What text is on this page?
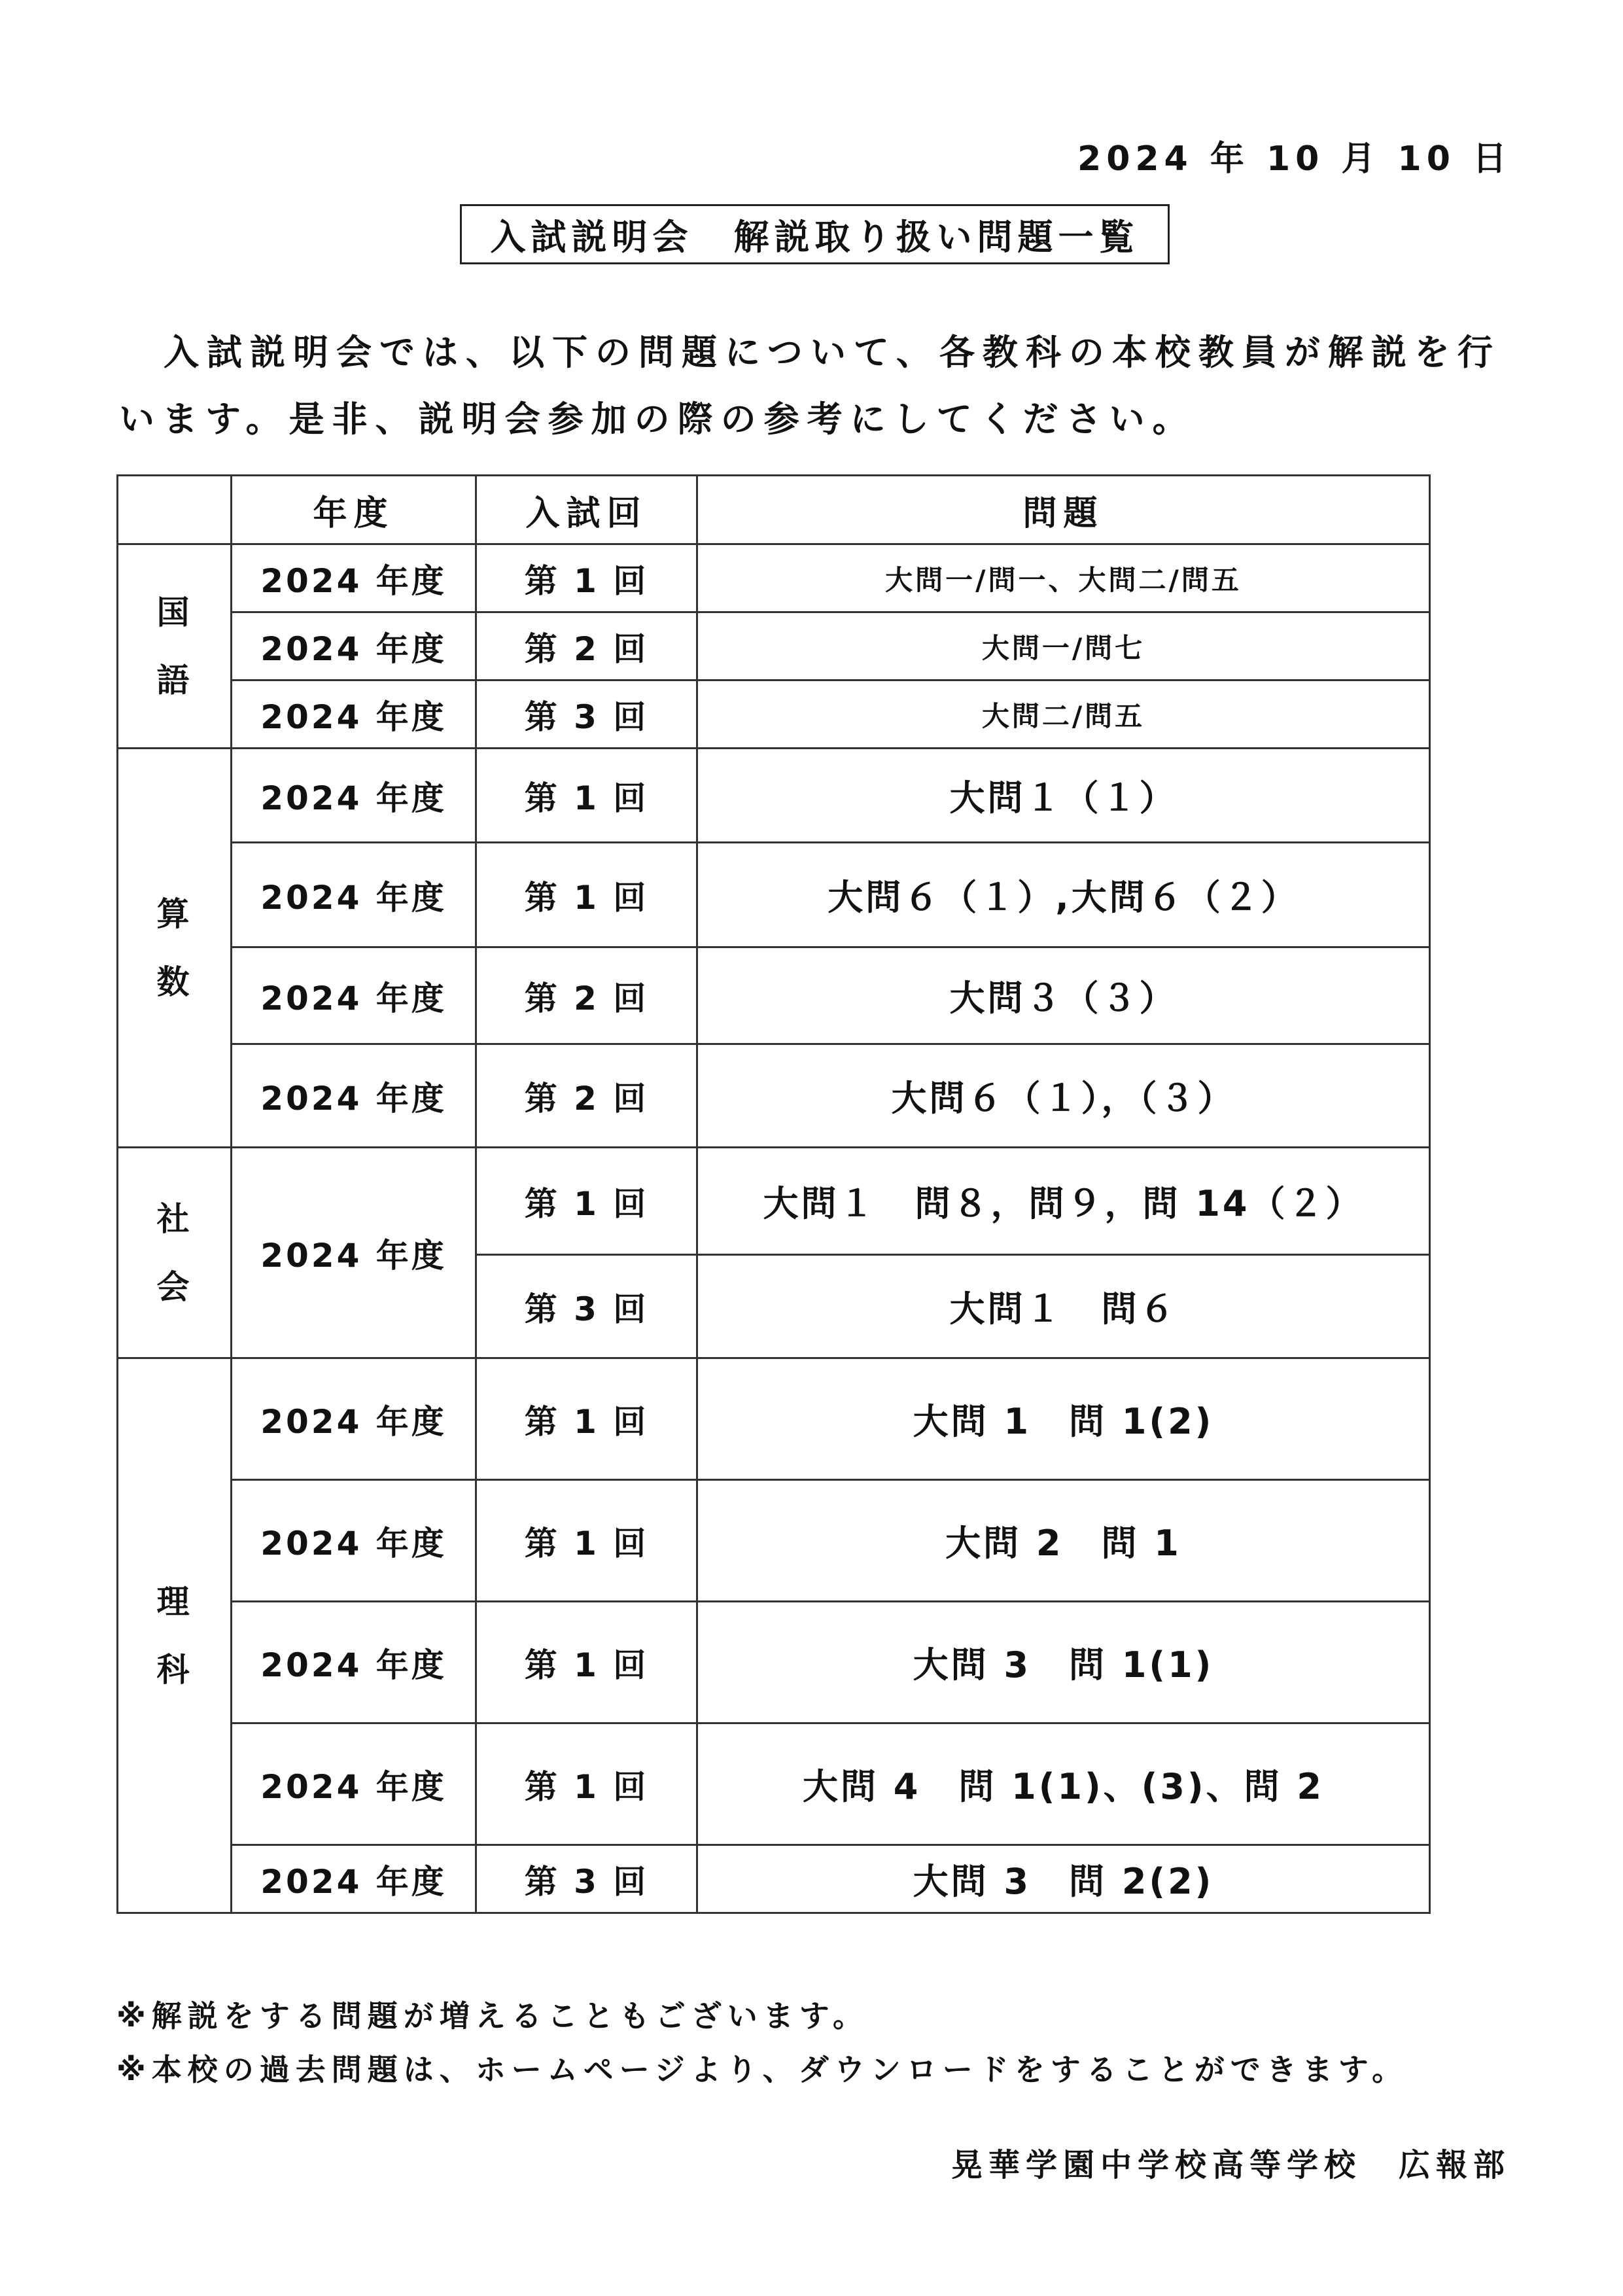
2024 年 10 月 10 日
入試説明会　解説取り扱い問題一覧
入試説明会では、以下の問題について、各教科の本校教員が解説を行
います。是非、説明会参加の際の参考にしてください。
	年度	入試回	問題

国
語	2024 年度	第 1 回	大問一/問一、大問二/問五
	2024 年度	第 2 回	大問一/問七
	2024 年度	第 3 回	大問二/問五

算
数	2024 年度	第 1 回	大問１（１）
	2024 年度	第 1 回	大問６（１）,大問６（２）
	2024 年度	第 2 回	大問３（３）
	2024 年度	第 2 回	大問６（１），（３）

社
会	2024 年度	第 1 回	大問１　問８，問９，問 14（２）
		第 3 回	大問１　問６

理
科	2024 年度	第 1 回	大問 1　問 1(2)
	2024 年度	第 1 回	大問 2　問 1
	2024 年度	第 1 回	大問 3　問 1(1)
	2024 年度	第 1 回	大問 4　問 1(1)、(3)、問 2
	2024 年度	第 3 回	大問 3　問 2(2)
※解説をする問題が増えることもございます。
※本校の過去問題は、ホームページより、ダウンロードをすることができます。
晃華学園中学校高等学校　広報部
